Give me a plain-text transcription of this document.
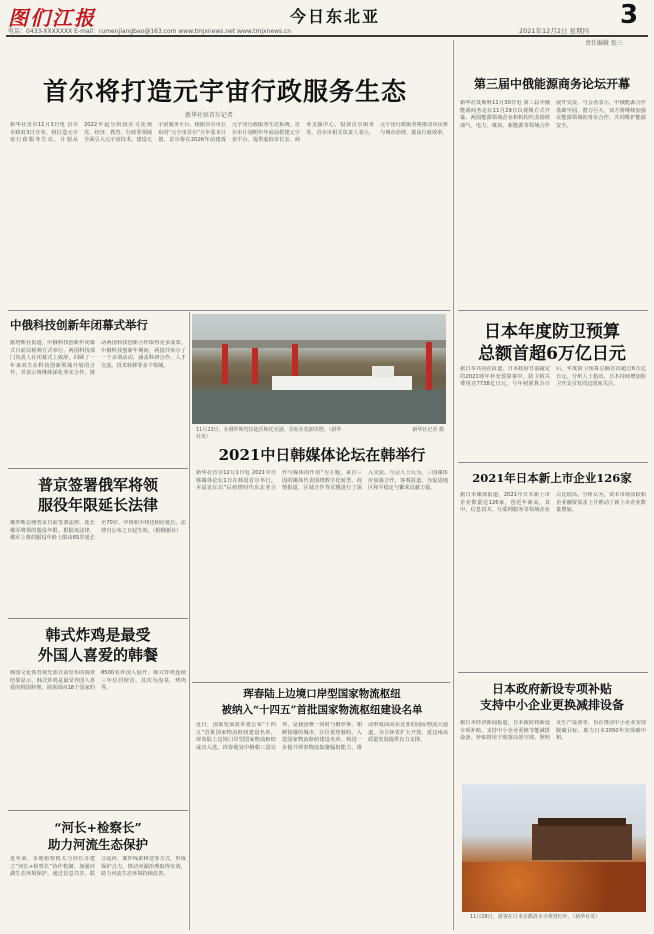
图们江报
电话：0433-XXXXXXX E-mail：rumenjiangbao@163.com www.tmjxnews.net www.tmjxnews.cn
今日东北亚
2021年12月2日 星期四
责任编辑 张三
3
首尔将打造元宇宙行政服务生态
新华社驻首尔记者
新华社首尔11月3日电 首尔市政府3日宣布，将打造元宇宙行政服务生态，计划从2022年起分阶段在文化观光、经济、教育、行政等领域全面引入元宇宙技术，建设元宇宙服务平台。根据首尔市公布的“元宇宙首尔”五年基本计划，首尔将在2026年前建成元宇宙行政服务生态系统。首尔市计划明年年底前搭建元宇宙平台，提供虚拟市长室、商务支援中心、投资首尔服务等。首尔市相关负责人表示，元宇宙行政服务将推动市民参与城市治理，提高行政效率。
第三届中俄能源商务论坛开幕
新华社莫斯科11月30日电 第三届中俄能源商务论坛11月29日以视频方式开幕。两国能源领域企业和机构代表围绕油气、电力、煤炭、新能源等领域合作展开交流。与会者表示，中俄能源合作基础牢固，潜力巨大，双方将继续加强在能源领域的务实合作，共同维护能源安全。
日本年度防卫预算
总额首超6万亿日元
据日本共同社报道，日本政府日前敲定的2021财年补充预算案中，防卫相关费用达7738亿日元，与年初预算合计后，年度防卫预算总额首次超过6万亿日元。分析人士指出，日本持续增加防卫开支引发周边国家关注。
2021年日本新上市企业126家
据日本媒体报道，2021年日本新上市企业数量达126家，创近年新高。其中，信息技术、互联网服务等领域企业占比较高。分析认为，资本市场活跃和企业融资需求上升推动了新上市企业数量增加。
日本政府新设专项补贴
支持中小企业更换减排设备
据日本经济新闻报道，日本政府将新设专项补贴，支持中小企业更换节能减排设备。补贴将用于购置高效空调、照明及生产设备等，旨在推动中小企业实现脱碳目标，助力日本2050年实现碳中和。
11月28日，游客在日本京都清水寺观赏红叶。（新华社发）
中俄科技创新年闭幕式举行
据塔斯社报道，中俄科技创新年闭幕式日前以视频方式举行。两国科技部门负责人在闭幕式上致辞，回顾了一年来双方在科技创新领域开展的合作，并表示将继续深化务实合作，推动两国科技创新合作取得更多成果。中俄科技创新年期间，两国共举办了一千余项活动，涵盖科研合作、人才交流、技术转移等多个领域。
11月23日，在俄罗斯符拉迪沃斯托克港，货轮在装卸货物。（新华社发）
新华社记者 摄
普京签署俄军将领
服役年限延长法律
俄罗斯总统普京日前签署法律，延长俄军将领的服役年限。根据该法律，俄军上将的服役年龄上限由65岁延长至70岁，中将和少将也相应延长。法律自公布之日起生效。（据俄新社）
2021中日韩媒体论坛在韩举行
新华社首尔12月1日电 2021中日韩媒体论坛1日在韩国首尔举行。本届论坛以“后疫情时代东北亚合作与媒体的作用”为主题，来自三国的媒体代表围绕数字化转型、疫情报道、区域合作等议题进行了深入交流。与会人士认为，三国媒体应加强合作，客观报道，为促进地区和平稳定与繁荣贡献力量。
韩式炸鸡是最受
外国人喜爱的韩餐
韩国文化体育观光部日前发布的调查结果显示，韩式炸鸡是最受外国人喜爱的韩国料理。调查面向18个国家的8500名外国人展开，韩式炸鸡连续三年位居榜首，其次为泡菜、烤肉等。	珲春陆上边境口岸型国家物流枢纽
被纳入“十四五”首批国家物流枢纽建设名单
近日，国家发展改革委公布“十四五”首批国家物流枢纽建设名单，珲春陆上边境口岸型国家物流枢纽成功入选。珲春地处中俄朝三国交界，是我国唯一同时与俄罗斯、朝鲜接壤的城市，区位优势独特。入选国家物流枢纽建设名单，将进一步提升珲春物流集聚辐射能力，推动形成面向东北亚的国际物流大通道，为吉林省扩大开放、延边州高质量发展提供有力支撑。
“河长+检察长”
助力河流生态保护
近年来，多地检察机关与河长办建立“河长+检察长”协作机制，加强河湖生态环境保护。通过信息共享、联合巡河、案件线索移送等方式，形成保护合力，推动河湖治理取得实效，助力河流生态环境持续改善。
